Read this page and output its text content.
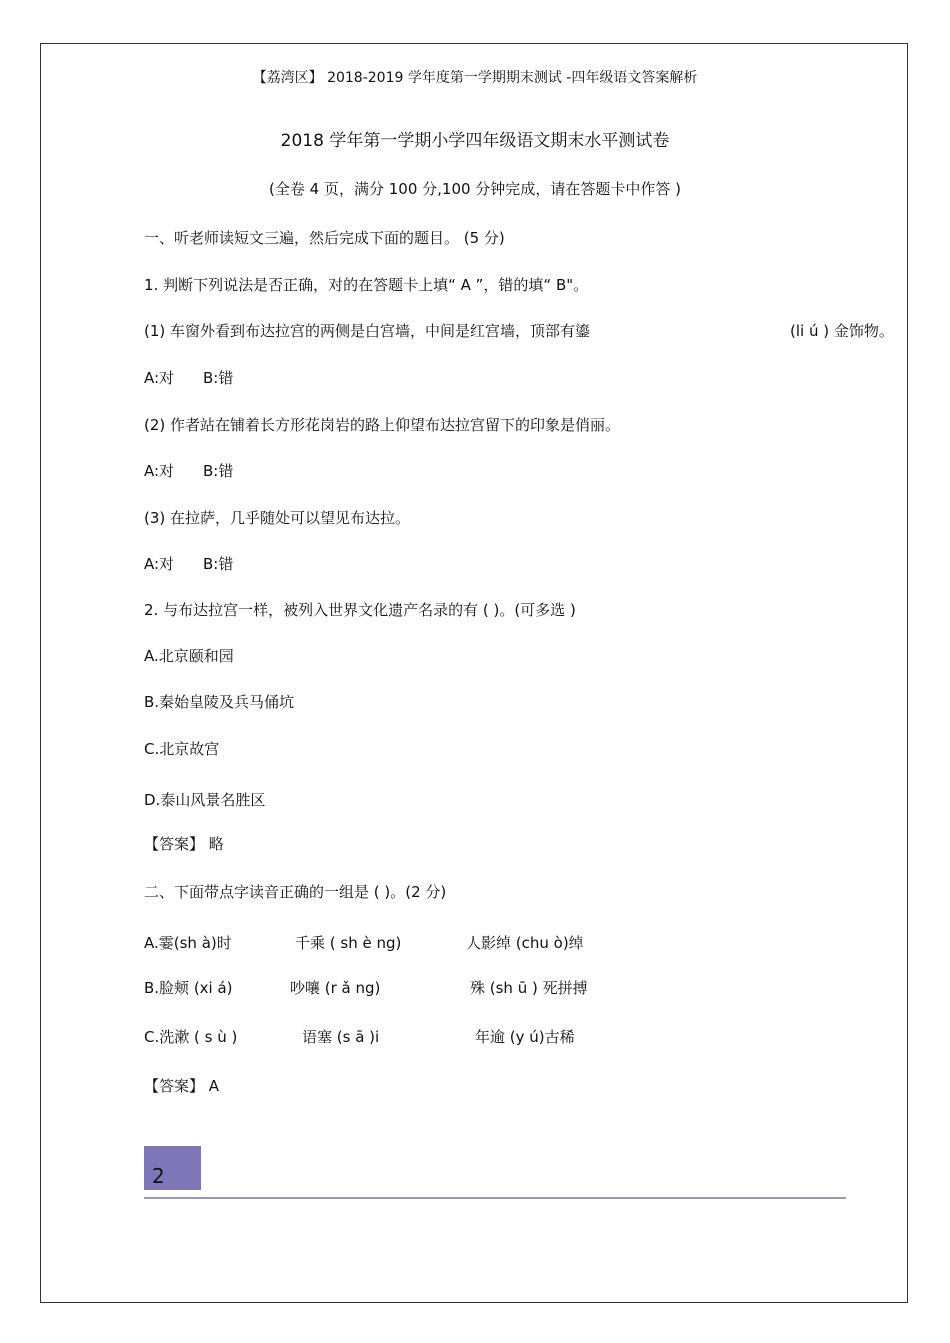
【荔湾区】 2018-2019 学年度第一学期期末测试 -四年级语文答案解析
2018 学年第一学期小学四年级语文期末水平测试卷
(全卷 4 页，满分 100 分,100 分钟完成，请在答题卡中作答 )
一、听老师读短文三遍，然后完成下面的题目。 (5 分)
1. 判断下列说法是否正确，对的在答题卡上填“ A ”，错的填“ B"。
(1) 车窗外看到布达拉宫的两侧是白宫墙，中间是红宫墙，顶部有鎏	(li ú ) 金饰物。
A:对 B:错
(2) 作者站在铺着长方形花岗岩的路上仰望布达拉宫留下的印象是俏丽。
A:对 B:错
(3) 在拉萨，几乎随处可以望见布达拉。
A:对 B:错
2. 与布达拉宫一样，被列入世界文化遗产名录的有 ( )。(可多选 )
A.北京颐和园
B.秦始皇陵及兵马俑坑
C.北京故宫
D.泰山风景名胜区
【答案】 略
二、下面带点字读音正确的一组是 ( )。(2 分)
A.霎(sh à)时	千乘 ( sh è ng)	人影绰 (chu ò)绰
B.脸颊 (xi á)	吵嚷 (r ǎ ng)	殊 (sh ū ) 死拼搏
C.洗漱 ( s ù )	语塞 (s ā )i	年逾 (y ú)古稀
【答案】 A
2
